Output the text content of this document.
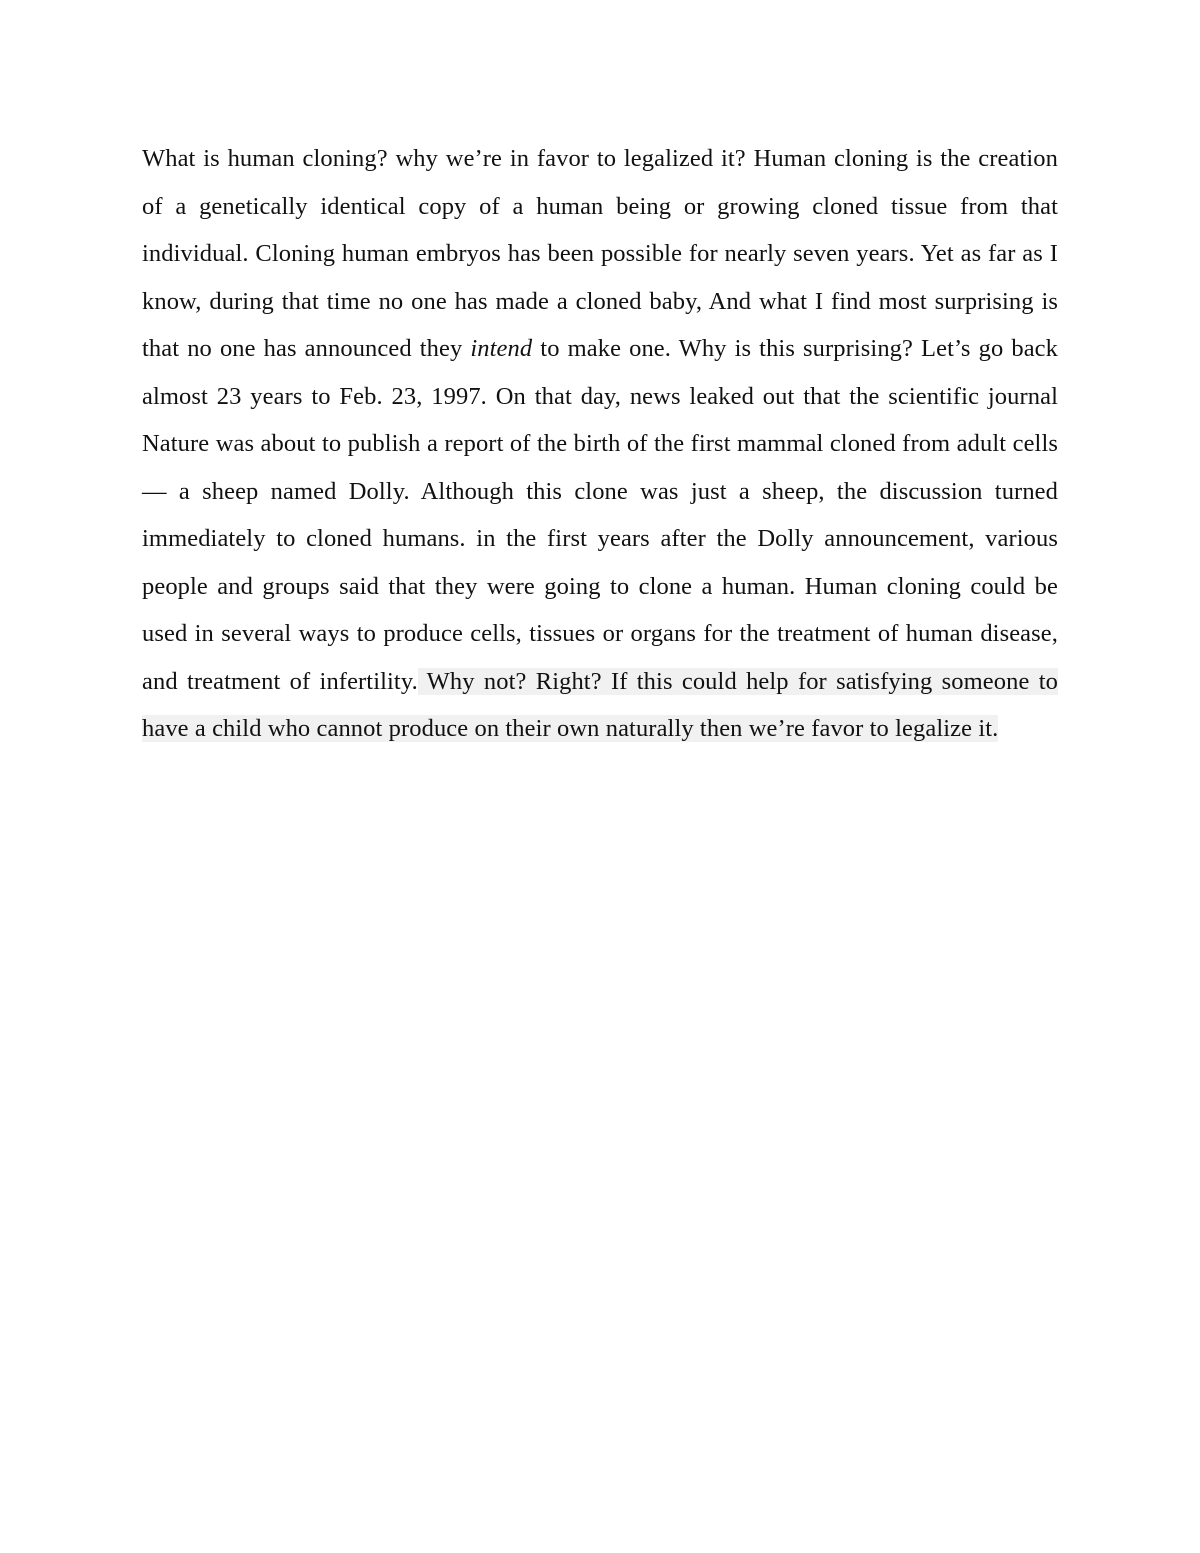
What is human cloning? why we’re in favor to legalized it? Human cloning is the creation of a genetically identical copy of a human being or growing cloned tissue from that individual. Cloning human embryos has been possible for nearly seven years. Yet as far as I know, during that time no one has made a cloned baby, And what I find most surprising is that no one has announced they intend to make one. Why is this surprising? Let’s go back almost 23 years to Feb. 23, 1997. On that day, news leaked out that the scientific journal Nature was about to publish a report of the birth of the first mammal cloned from adult cells — a sheep named Dolly. Although this clone was just a sheep, the discussion turned immediately to cloned humans. in the first years after the Dolly announcement, various people and groups said that they were going to clone a human. Human cloning could be used in several ways to produce cells, tissues or organs for the treatment of human disease, and treatment of infertility. Why not? Right? If this could help for satisfying someone to have a child who cannot produce on their own naturally then we’re favor to legalize it.
